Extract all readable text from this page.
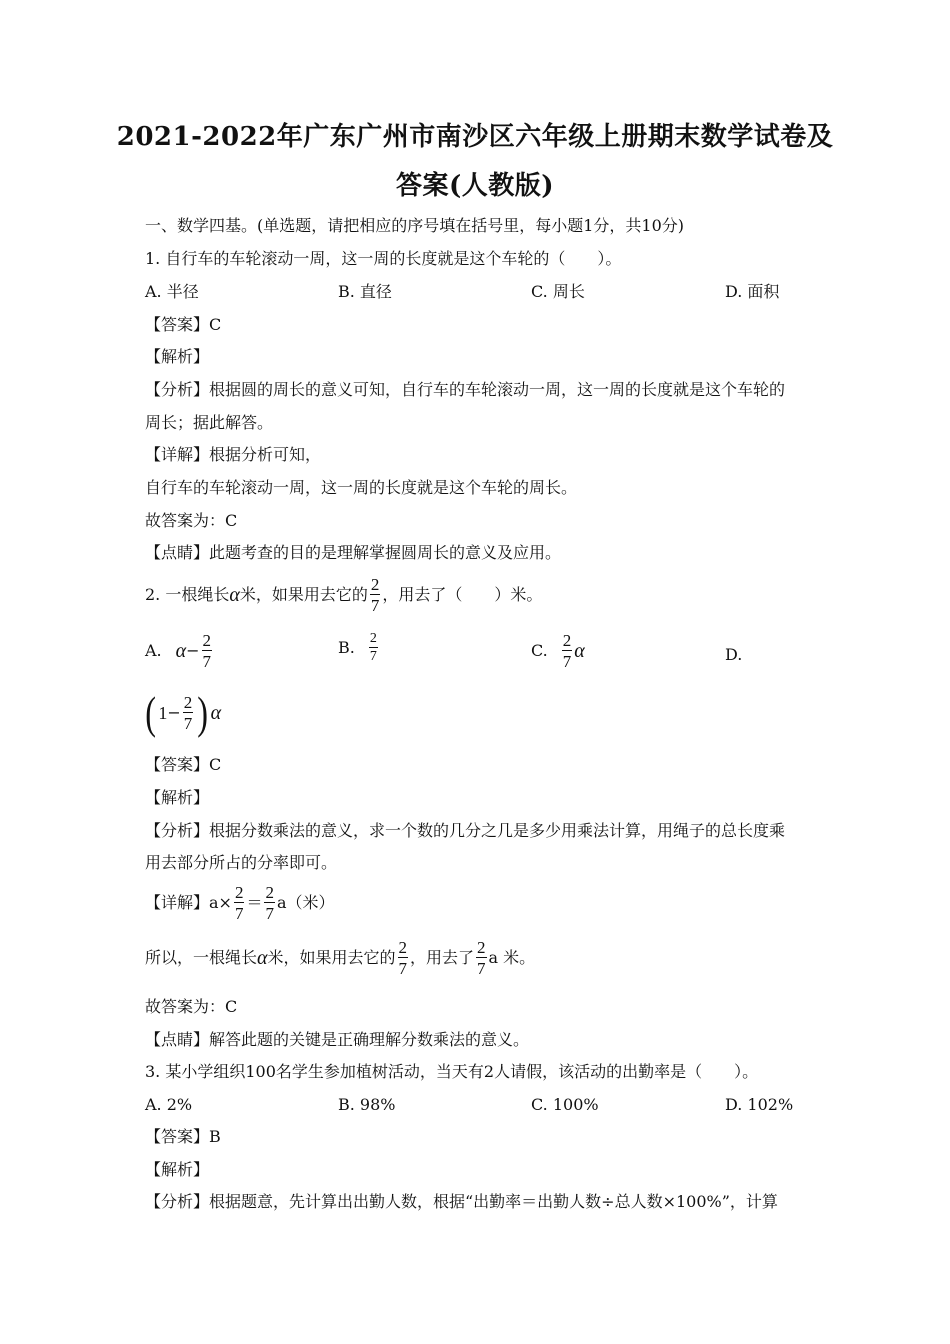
2021-2022年广东广州市南沙区六年级上册期末数学试卷及
答案(人教版)
一、数学四基。(单选题，请把相应的序号填在括号里，每小题1分，共10分)
1. 自行车的车轮滚动一周，这一周的长度就是这个车轮的（　　）。
A. 半径	B. 直径	C. 周长	D. 面积
【答案】C
【解析】
【分析】根据圆的周长的意义可知，自行车的车轮滚动一周，这一周的长度就是这个车轮的
周长；据此解答。
【详解】根据分析可知，
自行车的车轮滚动一周，这一周的长度就是这个车轮的周长。
故答案为：C
【点睛】此题考查的目的是理解掌握圆周长的意义及应用。
2. 一根绳长 α 米，如果用去它的 $\frac{2}{7}$ ，用去了（　　）米。
A. $\alpha - \frac{2}{7}$	B. $\frac{2}{7}$	C. $\frac{2}{7}$ α	D.
( $1 - \frac{2}{7}$ ) α
【答案】C
【解析】
【分析】根据分数乘法的意义，求一个数的几分之几是多少用乘法计算，用绳子的总长度乘
用去部分所占的分率即可。
【详解】$a\times \frac{2}{7} = \frac{2}{7} a$（米）
所以，一根绳长 α 米，如果用去它的 $\frac{2}{7}$ ，用去了 $\frac{2}{7}$ a 米。
故答案为：C
【点睛】解答此题的关键是正确理解分数乘法的意义。
3. 某小学组织100名学生参加植树活动，当天有2人请假，该活动的出勤率是（　　）。
A. 2%	B. 98%	C. 100%	D. 102%
【答案】B
【解析】
【分析】根据题意，先计算出出勤人数，根据“出勤率＝出勤人数÷总人数×100%”，计算
